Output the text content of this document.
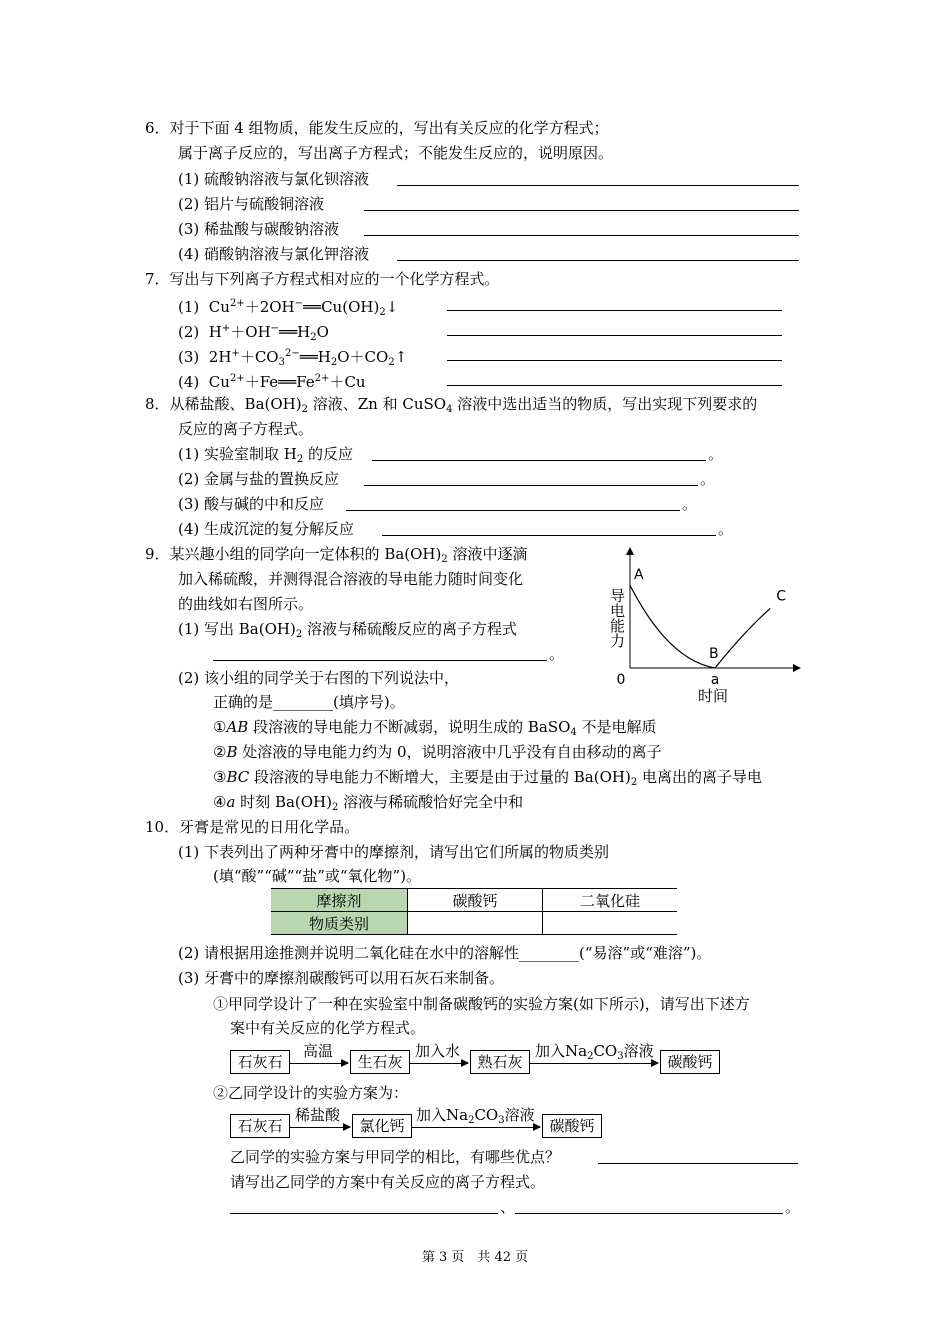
6．对于下面 4 组物质，能发生反应的，写出有关反应的化学方程式；
属于离子反应的，写出离子方程式；不能发生反应的，说明原因。
(1) 硫酸钠溶液与氯化钡溶液
(2) 铝片与硫酸铜溶液
(3) 稀盐酸与碳酸钠溶液
(4) 硝酸钠溶液与氯化钾溶液
7．写出与下列离子方程式相对应的一个化学方程式。
(1)  $Cu^{2+}+2OH^-══Cu(OH)_2↓$
(2)  $H^++OH^-══H_2O$
(3)  $2H^++CO_3^{2-}══H_2O+CO_2↑$
(4)  $Cu^{2+}+Fe══Fe^{2+}+Cu$
8．从稀盐酸、$Ba(OH)_2$ 溶液、Zn 和 CuSO$_4$ 溶液中选出适当的物质，写出实现下列要求的
反应的离子方程式。
(1) 实验室制取 $H_2$ 的反应	。
(2) 金属与盐的置换反应	。
(3) 酸与碱的中和反应	。
(4) 生成沉淀的复分解反应	。
9．某兴趣小组的同学向一定体积的 $Ba(OH)_2$ 溶液中逐滴
加入稀硫酸，并测得混合溶液的导电能力随时间变化
的曲线如右图所示。
(1) 写出 $Ba(OH)_2$ 溶液与稀硫酸反应的离子方程式
。
(2) 该小组的同学关于右图的下列说法中，
正确的是________(填序号)。
①AB 段溶液的导电能力不断减弱，说明生成的 BaSO$_4$ 不是电解质
②B 处溶液的导电能力约为 0，说明溶液中几乎没有自由移动的离子
③BC 段溶液的导电能力不断增大，主要是由于过量的 $Ba(OH)_2$ 电离出的离子导电
④a 时刻 $Ba(OH)_2$ 溶液与稀硫酸恰好完全中和
导电能力
时间
0	a
A
B
C
10．牙膏是常见的日用化学品。
(1) 下表列出了两种牙膏中的摩擦剂，请写出它们所属的物质类别
(填“酸”“碱”“盐”或“氧化物”)。
摩擦剂	碳酸钙	二氧化硅
物质类别		
(2) 请根据用途推测并说明二氧化硅在水中的溶解性________(“易溶”或“难溶”)。
(3) 牙膏中的摩擦剂碳酸钙可以用石灰石来制备。
①甲同学设计了一种在实验室中制备碳酸钙的实验方案(如下所示)，请写出下述方
案中有关反应的化学方程式。
石灰石
高温
生石灰
加入水
熟石灰
加入$Na_2CO_3$溶液
碳酸钙
②乙同学设计的实验方案为：
石灰石
稀盐酸
氯化钙
加入$Na_2CO_3$溶液
碳酸钙
乙同学的实验方案与甲同学的相比，有哪些优点？
请写出乙同学的方案中有关反应的离子方程式。
、	。
第 3 页　共 42 页
